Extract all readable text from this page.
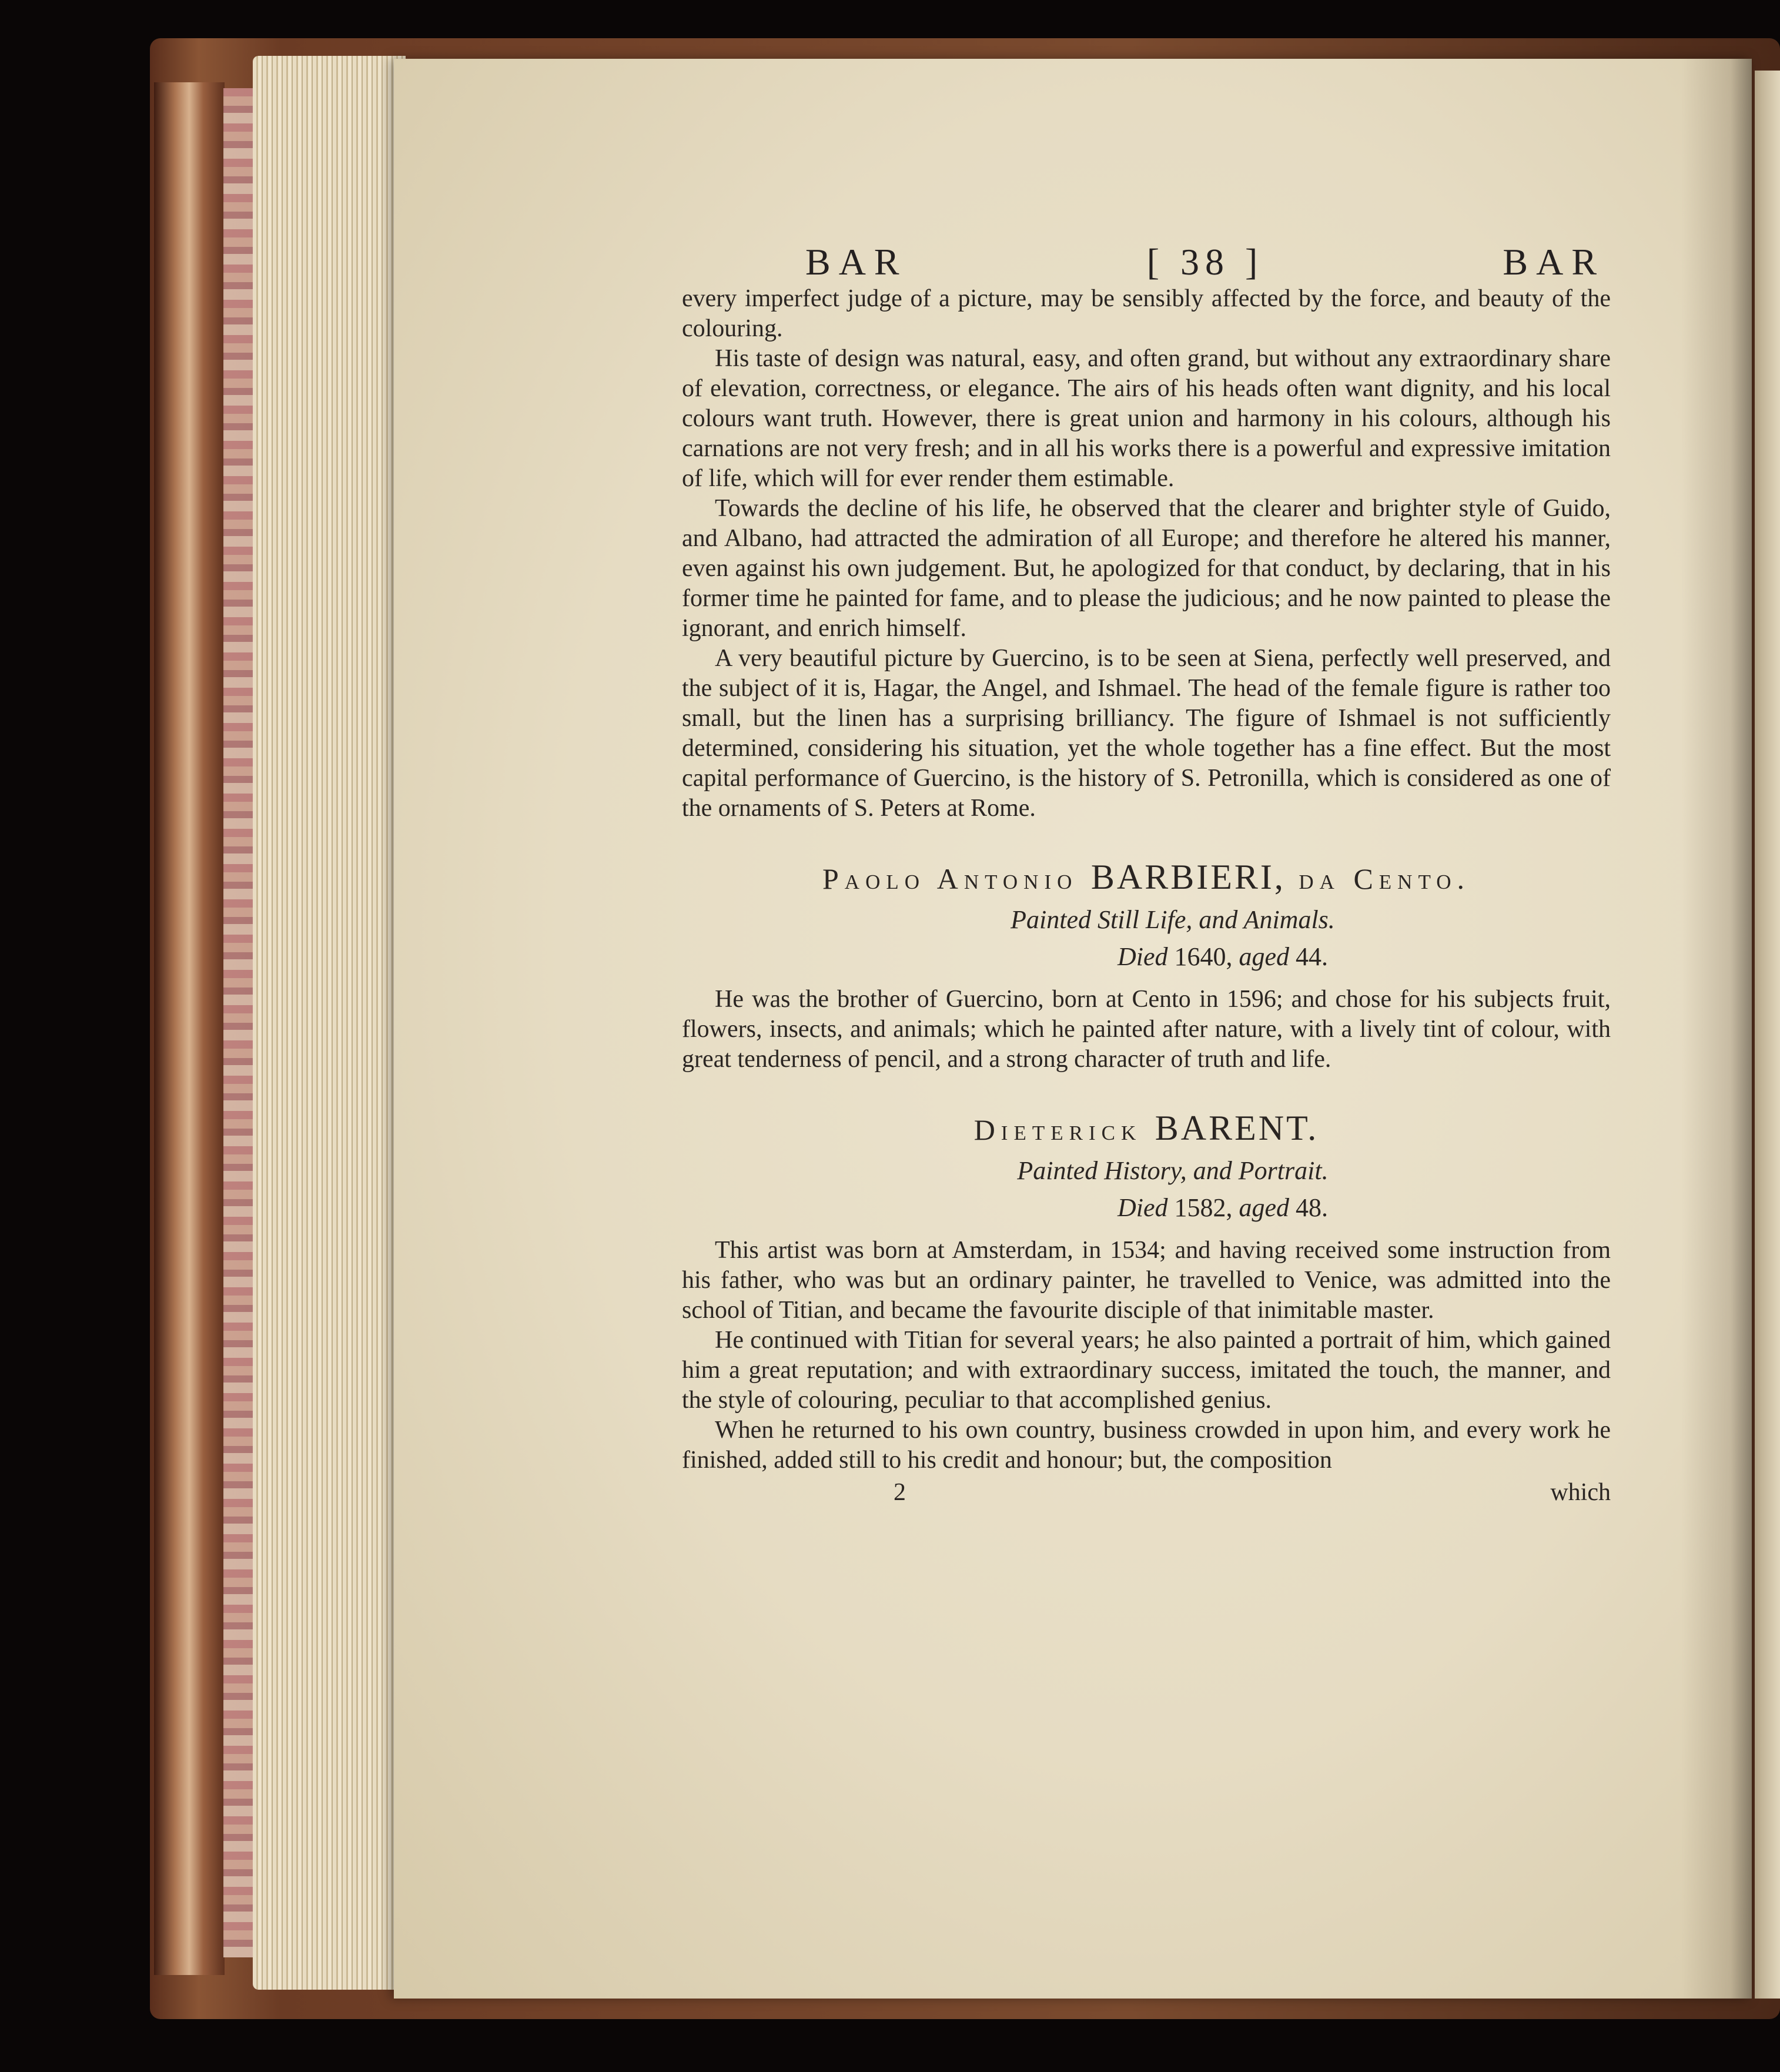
BAR	[ 38 ]	BAR

every imperfect judge of a picture, may be sensibly affected by the force, and beauty of the colouring.

His taste of design was natural, easy, and often grand, but without any extraordinary share of elevation, correctness, or elegance. The airs of his heads often want dignity, and his local colours want truth. However, there is great union and harmony in his colours, although his carnations are not very fresh; and in all his works there is a powerful and expressive imitation of life, which will for ever render them estimable.

Towards the decline of his life, he observed that the clearer and brighter style of Guido, and Albano, had attracted the admiration of all Europe; and therefore he altered his manner, even against his own judgement. But, he apologized for that conduct, by declaring, that in his former time he painted for fame, and to please the judicious; and he now painted to please the ignorant, and enrich himself.

A very beautiful picture by Guercino, is to be seen at Siena, perfectly well preserved, and the subject of it is, Hagar, the Angel, and Ishmael. The head of the female figure is rather too small, but the linen has a surprising brilliancy. The figure of Ishmael is not sufficiently determined, considering his situation, yet the whole together has a fine effect. But the most capital performance of Guercino, is the history of S. Petronilla, which is considered as one of the ornaments of S. Peters at Rome.

Paolo Antonio BARBIERI, da Cento.
Painted Still Life, and Animals.
Died 1640, aged 44.

He was the brother of Guercino, born at Cento in 1596; and chose for his subjects fruit, flowers, insects, and animals; which he painted after nature, with a lively tint of colour, with great tenderness of pencil, and a strong character of truth and life.

Dieterick BARENT.
Painted History, and Portrait.
Died 1582, aged 48.

This artist was born at Amsterdam, in 1534; and having received some instruction from his father, who was but an ordinary painter, he travelled to Venice, was admitted into the school of Titian, and became the favourite disciple of that inimitable master.

He continued with Titian for several years; he also painted a portrait of him, which gained him a great reputation; and with extraordinary success, imitated the touch, the manner, and the style of colouring, peculiar to that accomplished genius.

When he returned to his own country, business crowded in upon him, and every work he finished, added still to his credit and honour; but, the composition

2	which
